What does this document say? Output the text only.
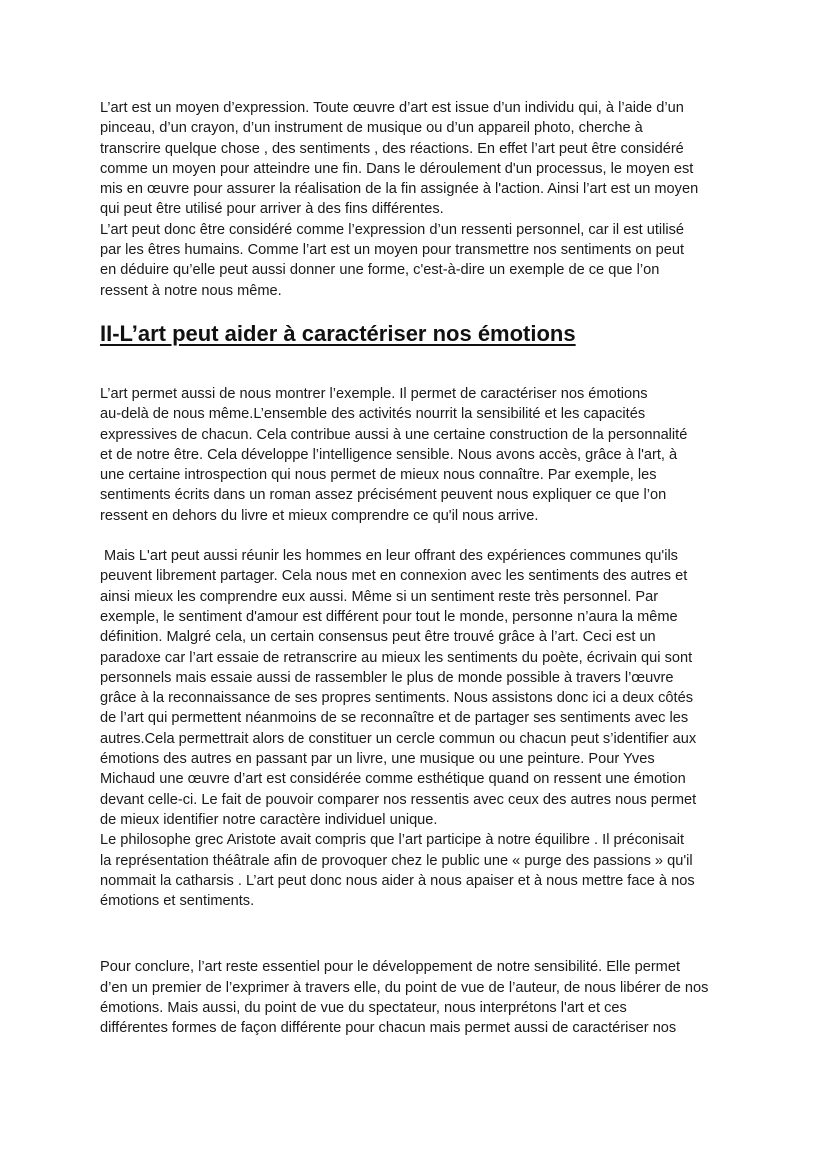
L’art est un moyen d’expression. Toute œuvre d’art est issue d’un individu qui, à l’aide d’un
pinceau, d’un crayon, d’un instrument de musique ou d’un appareil photo, cherche à
transcrire quelque chose , des sentiments , des réactions. En effet l’art peut être considéré
comme un moyen pour atteindre une fin. Dans le déroulement d'un processus, le moyen est
mis en œuvre pour assurer la réalisation de la fin assignée à l'action. Ainsi l’art est un moyen
qui peut être utilisé pour arriver à des fins différentes.
L’art peut donc être considéré comme l’expression d’un ressenti personnel, car il est utilisé
par les êtres humains. Comme l’art est un moyen pour transmettre nos sentiments on peut
en déduire qu’elle peut aussi donner une forme, c'est-à-dire un exemple de ce que l’on
ressent à notre nous même.

II-L’art peut aider à caractériser nos émotions

L’art permet aussi de nous montrer l’exemple. Il permet de caractériser nos émotions
au-delà de nous même.L’ensemble des activités nourrit la sensibilité et les capacités
expressives de chacun. Cela contribue aussi à une certaine construction de la personnalité
et de notre être. Cela développe l’intelligence sensible. Nous avons accès, grâce à l'art, à
une certaine introspection qui nous permet de mieux nous connaître. Par exemple, les
sentiments écrits dans un roman assez précisément peuvent nous expliquer ce que l’on
ressent en dehors du livre et mieux comprendre ce qu'il nous arrive.

Mais L'art peut aussi réunir les hommes en leur offrant des expériences communes qu'ils
peuvent librement partager. Cela nous met en connexion avec les sentiments des autres et
ainsi mieux les comprendre eux aussi. Même si un sentiment reste très personnel. Par
exemple, le sentiment d'amour est différent pour tout le monde, personne n’aura la même
définition. Malgré cela, un certain consensus peut être trouvé grâce à l’art. Ceci est un
paradoxe car l’art essaie de retranscrire au mieux les sentiments du poète, écrivain qui sont
personnels mais essaie aussi de rassembler le plus de monde possible à travers l’œuvre
grâce à la reconnaissance de ses propres sentiments. Nous assistons donc ici a deux côtés
de l’art qui permettent néanmoins de se reconnaître et de partager ses sentiments avec les
autres.Cela permettrait alors de constituer un cercle commun ou chacun peut s’identifier aux
émotions des autres en passant par un livre, une musique ou une peinture. Pour Yves
Michaud une œuvre d’art est considérée comme esthétique quand on ressent une émotion
devant celle-ci. Le fait de pouvoir comparer nos ressentis avec ceux des autres nous permet
de mieux identifier notre caractère individuel unique.
Le philosophe grec Aristote avait compris que l’art participe à notre équilibre . Il préconisait
la représentation théâtrale afin de provoquer chez le public une « purge des passions » qu'il
nommait la catharsis . L’art peut donc nous aider à nous apaiser et à nous mettre face à nos
émotions et sentiments.

Pour conclure, l’art reste essentiel pour le développement de notre sensibilité. Elle permet
d’en un premier de l’exprimer à travers elle, du point de vue de l’auteur, de nous libérer de nos
émotions. Mais aussi, du point de vue du spectateur, nous interprétons l'art et ces
différentes formes de façon différente pour chacun mais permet aussi de caractériser nos
